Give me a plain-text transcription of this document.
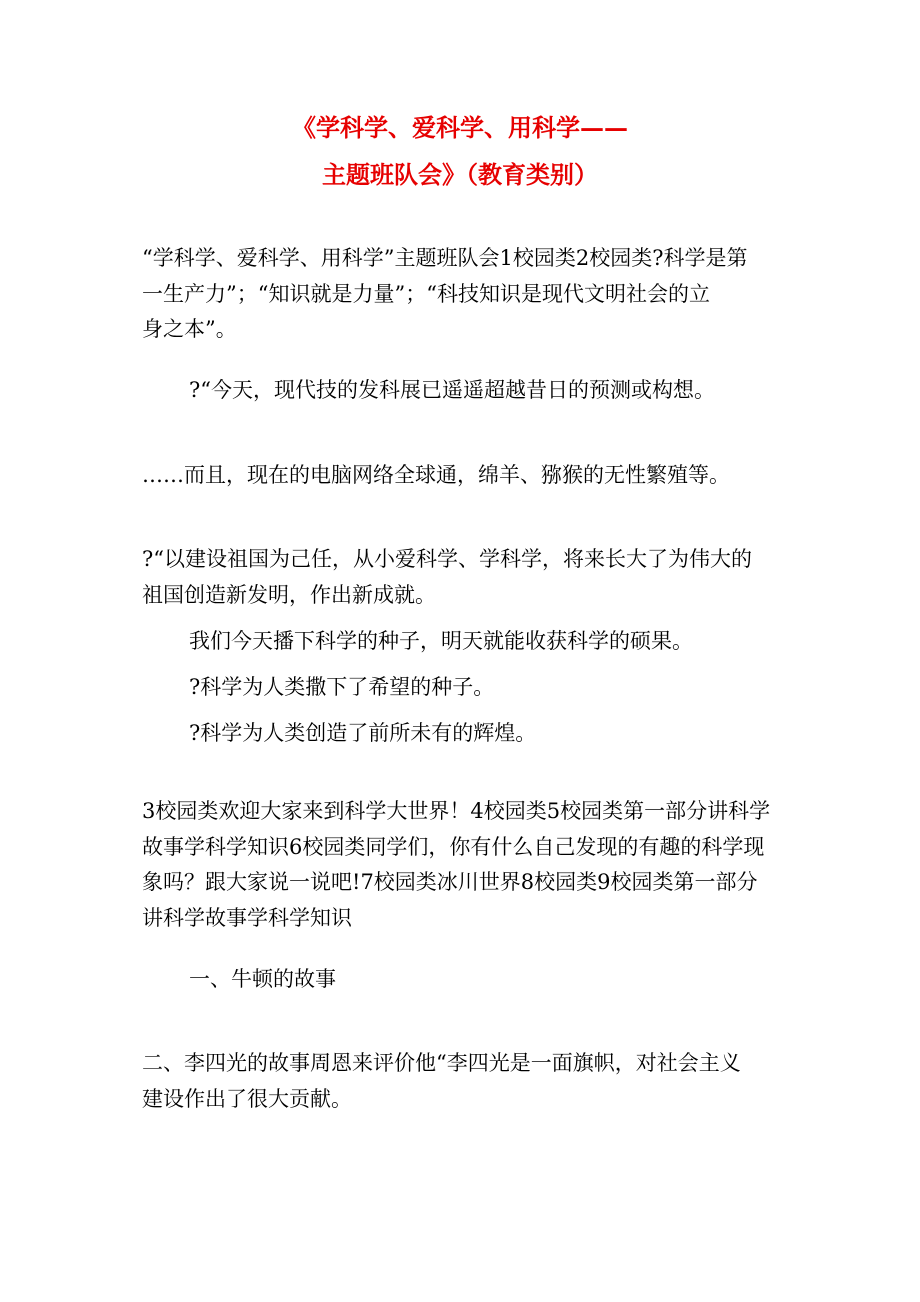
《学科学、爱科学、用科学——
主题班队会》（教育类别）
“学科学、爱科学、用科学”主题班队会1校园类2校园类?科学是第
一生产力”；“知识就是力量”；“科技知识是现代文明社会的立
身之本”。
?“今天，现代技的发科展已遥遥超越昔日的预测或构想。
……而且，现在的电脑网络全球通，绵羊、猕猴的无性繁殖等。
?“以建设祖国为己任，从小爱科学、学科学，将来长大了为伟大的
祖国创造新发明，作出新成就。
我们今天播下科学的种子，明天就能收获科学的硕果。
?科学为人类撒下了希望的种子。
?科学为人类创造了前所未有的辉煌。
3校园类欢迎大家来到科学大世界！4校园类5校园类第一部分讲科学
故事学科学知识6校园类同学们，你有什么自己发现的有趣的科学现
象吗？跟大家说一说吧!7校园类冰川世界8校园类9校园类第一部分
讲科学故事学科学知识
一、牛顿的故事
二、李四光的故事周恩来评价他“李四光是一面旗帜，对社会主义
建设作出了很大贡献。
